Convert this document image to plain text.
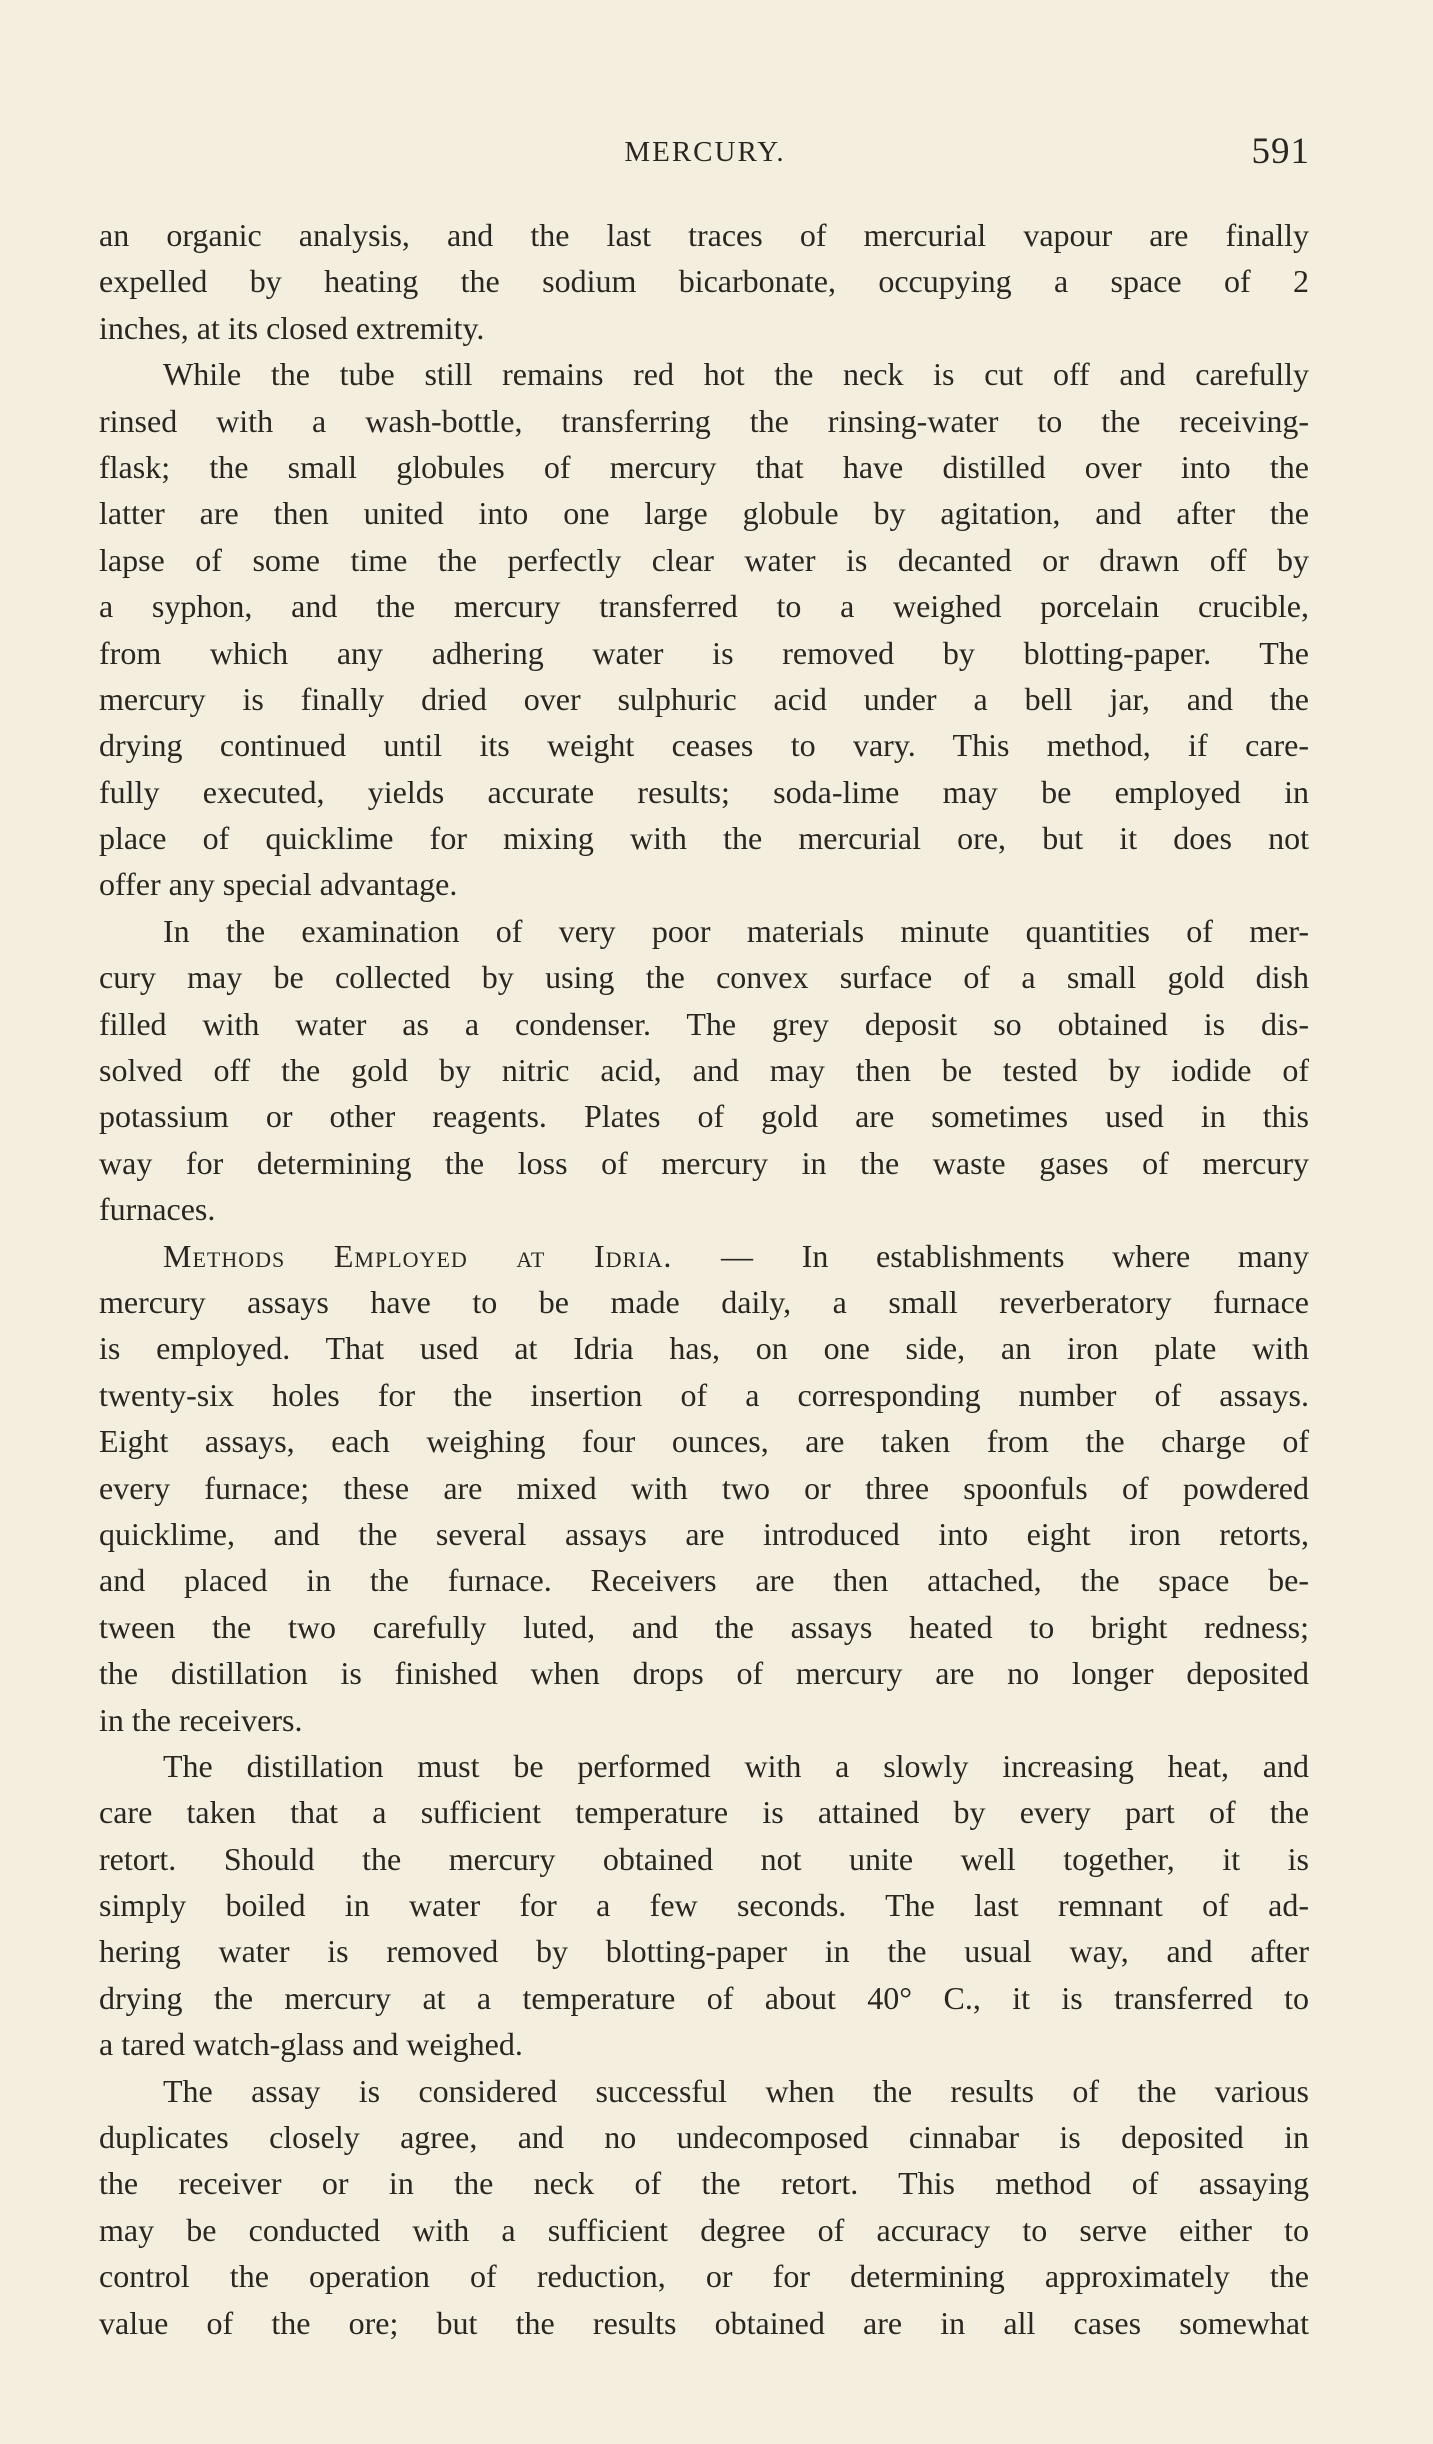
MERCURY.	591
an organic analysis, and the last traces of mercurial vapour are finally
expelled by heating the sodium bicarbonate, occupying a space of 2
inches, at its closed extremity.
While the tube still remains red hot the neck is cut off and carefully
rinsed with a wash-bottle, transferring the rinsing-water to the receiving-
flask; the small globules of mercury that have distilled over into the
latter are then united into one large globule by agitation, and after the
lapse of some time the perfectly clear water is decanted or drawn off by
a syphon, and the mercury transferred to a weighed porcelain crucible,
from which any adhering water is removed by blotting-paper. The
mercury is finally dried over sulphuric acid under a bell jar, and the
drying continued until its weight ceases to vary. This method, if care-
fully executed, yields accurate results; soda-lime may be employed in
place of quicklime for mixing with the mercurial ore, but it does not
offer any special advantage.
In the examination of very poor materials minute quantities of mer-
cury may be collected by using the convex surface of a small gold dish
filled with water as a condenser. The grey deposit so obtained is dis-
solved off the gold by nitric acid, and may then be tested by iodide of
potassium or other reagents. Plates of gold are sometimes used in this
way for determining the loss of mercury in the waste gases of mercury
furnaces.
Methods Employed at Idria. — In establishments where many
mercury assays have to be made daily, a small reverberatory furnace
is employed. That used at Idria has, on one side, an iron plate with
twenty-six holes for the insertion of a corresponding number of assays.
Eight assays, each weighing four ounces, are taken from the charge of
every furnace; these are mixed with two or three spoonfuls of powdered
quicklime, and the several assays are introduced into eight iron retorts,
and placed in the furnace. Receivers are then attached, the space be-
tween the two carefully luted, and the assays heated to bright redness;
the distillation is finished when drops of mercury are no longer deposited
in the receivers.
The distillation must be performed with a slowly increasing heat, and
care taken that a sufficient temperature is attained by every part of the
retort. Should the mercury obtained not unite well together, it is
simply boiled in water for a few seconds. The last remnant of ad-
hering water is removed by blotting-paper in the usual way, and after
drying the mercury at a temperature of about 40° C., it is transferred to
a tared watch-glass and weighed.
The assay is considered successful when the results of the various
duplicates closely agree, and no undecomposed cinnabar is deposited in
the receiver or in the neck of the retort. This method of assaying
may be conducted with a sufficient degree of accuracy to serve either to
control the operation of reduction, or for determining approximately the
value of the ore; but the results obtained are in all cases somewhat
